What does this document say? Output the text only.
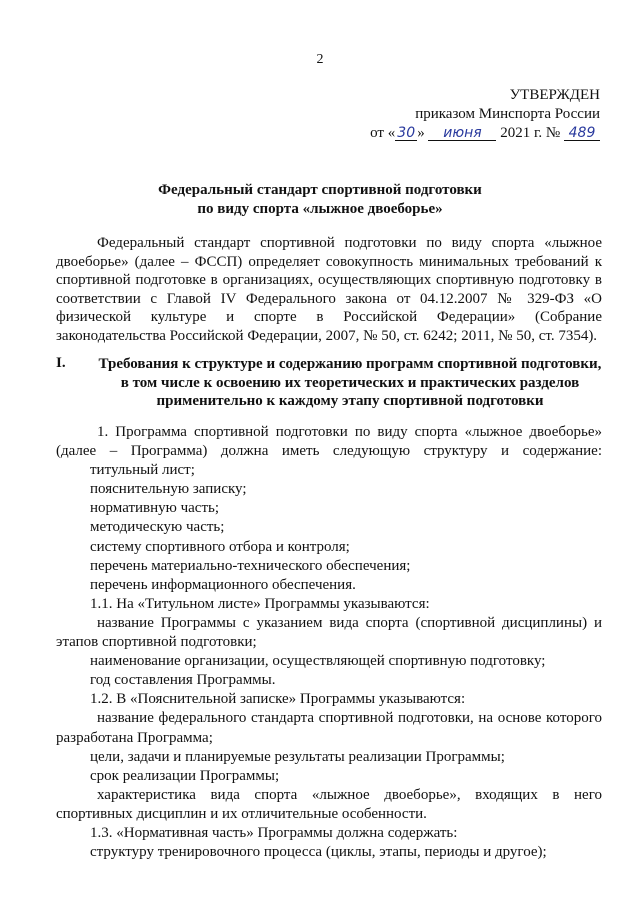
2
УТВЕРЖДЕН
приказом Минспорта России
от « 30 » июня 2021 г. № 489
Федеральный стандарт спортивной подготовки
по виду спорта «лыжное двоеборье»
Федеральный стандарт спортивной подготовки по виду спорта «лыжное двоеборье» (далее – ФССП) определяет совокупность минимальных требований к спортивной подготовке в организациях, осуществляющих спортивную подготовку в соответствии с Главой IV Федерального закона от 04.12.2007 № 329-ФЗ «О физической культуре и спорте в Российской Федерации» (Собрание законодательства Российской Федерации, 2007, № 50, ст. 6242; 2011, № 50, ст. 7354).
I. Требования к структуре и содержанию программ спортивной подготовки, в том числе к освоению их теоретических и практических разделов применительно к каждому этапу спортивной подготовки

1. Программа спортивной подготовки по виду спорта «лыжное двоеборье» (далее – Программа) должна иметь следующую структуру и содержание:

титульный лист;

пояснительную записку;

нормативную часть;

методическую часть;

систему спортивного отбора и контроля;

перечень материально-технического обеспечения;

перечень информационного обеспечения.

1.1. На «Титульном листе» Программы указываются:

название Программы с указанием вида спорта (спортивной дисциплины) и этапов спортивной подготовки;

наименование организации, осуществляющей спортивную подготовку;

год составления Программы.

1.2. В «Пояснительной записке» Программы указываются:

название федерального стандарта спортивной подготовки, на основе которого разработана Программа;

цели, задачи и планируемые результаты реализации Программы;

срок реализации Программы;

характеристика вида спорта «лыжное двоеборье», входящих в него спортивных дисциплин и их отличительные особенности.

1.3. «Нормативная часть» Программы должна содержать:

структуру тренировочного процесса (циклы, этапы, периоды и другое);
